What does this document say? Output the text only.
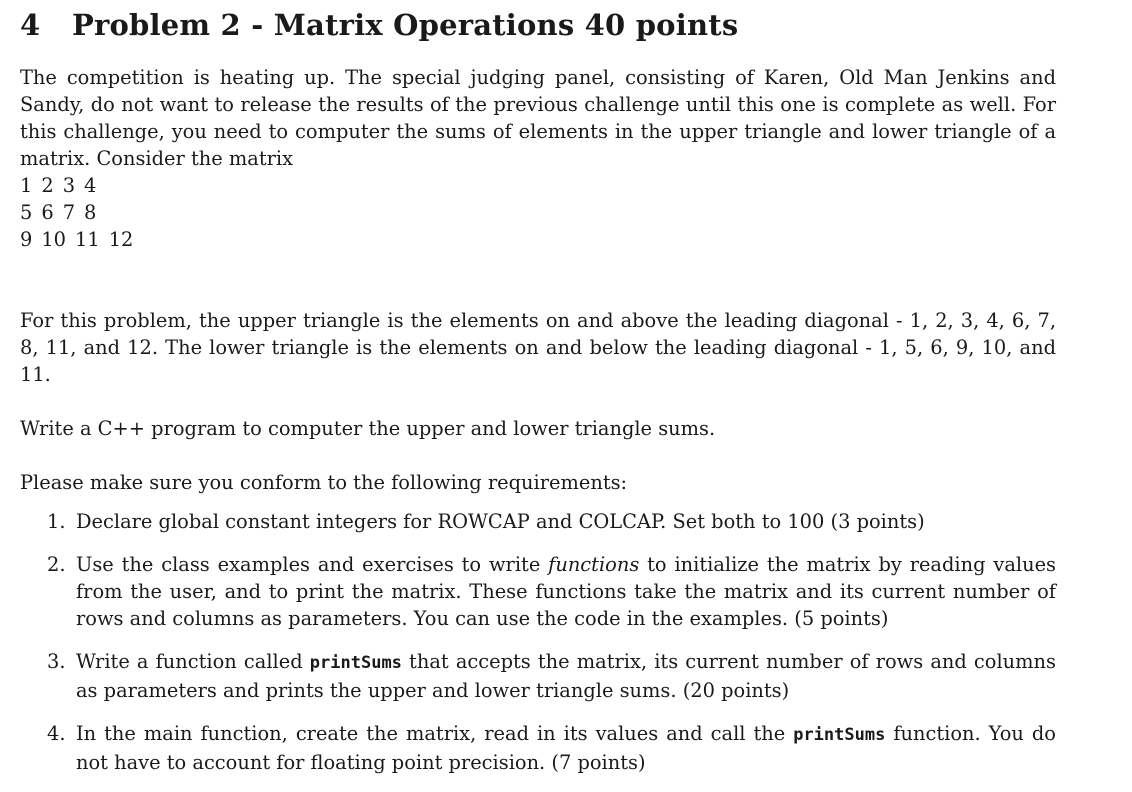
4 Problem 2 - Matrix Operations 40 points
The competition is heating up. The special judging panel, consisting of Karen, Old Man Jenkins and Sandy, do not want to release the results of the previous challenge until this one is complete as well. For this challenge, you need to computer the sums of elements in the upper triangle and lower triangle of a matrix. Consider the matrix
1 2 3 4
5 6 7 8
9 10 11 12
For this problem, the upper triangle is the elements on and above the leading diagonal - 1, 2, 3, 4, 6, 7, 8, 11, and 12. The lower triangle is the elements on and below the leading diagonal - 1, 5, 6, 9, 10, and 11.
Write a C++ program to computer the upper and lower triangle sums.
Please make sure you conform to the following requirements:
1. Declare global constant integers for ROWCAP and COLCAP. Set both to 100 (3 points)
2. Use the class examples and exercises to write functions to initialize the matrix by reading values from the user, and to print the matrix. These functions take the matrix and its current number of rows and columns as parameters. You can use the code in the examples. (5 points)
3. Write a function called printSums that accepts the matrix, its current number of rows and columns as parameters and prints the upper and lower triangle sums. (20 points)
4. In the main function, create the matrix, read in its values and call the printSums function. You do not have to account for floating point precision. (7 points)
